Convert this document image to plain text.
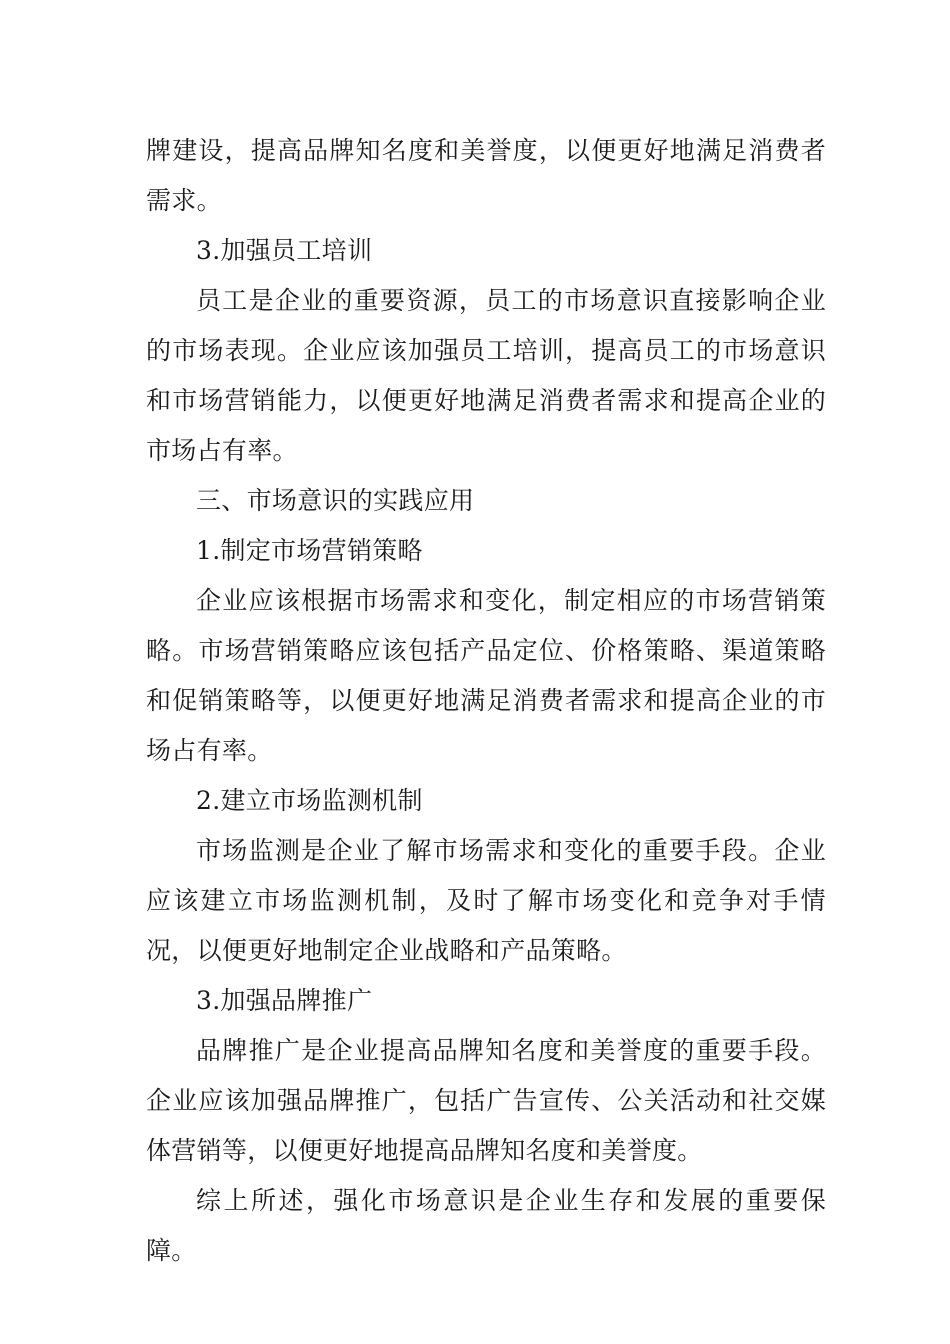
牌建设，提高品牌知名度和美誉度，以便更好地满足消费者需求。

3.加强员工培训

员工是企业的重要资源，员工的市场意识直接影响企业的市场表现。企业应该加强员工培训，提高员工的市场意识和市场营销能力，以便更好地满足消费者需求和提高企业的市场占有率。

三、市场意识的实践应用

1.制定市场营销策略

企业应该根据市场需求和变化，制定相应的市场营销策略。市场营销策略应该包括产品定位、价格策略、渠道策略和促销策略等，以便更好地满足消费者需求和提高企业的市场占有率。

2.建立市场监测机制

市场监测是企业了解市场需求和变化的重要手段。企业应该建立市场监测机制，及时了解市场变化和竞争对手情况，以便更好地制定企业战略和产品策略。

3.加强品牌推广

品牌推广是企业提高品牌知名度和美誉度的重要手段。企业应该加强品牌推广，包括广告宣传、公关活动和社交媒体营销等，以便更好地提高品牌知名度和美誉度。

综上所述，强化市场意识是企业生存和发展的重要保障。
